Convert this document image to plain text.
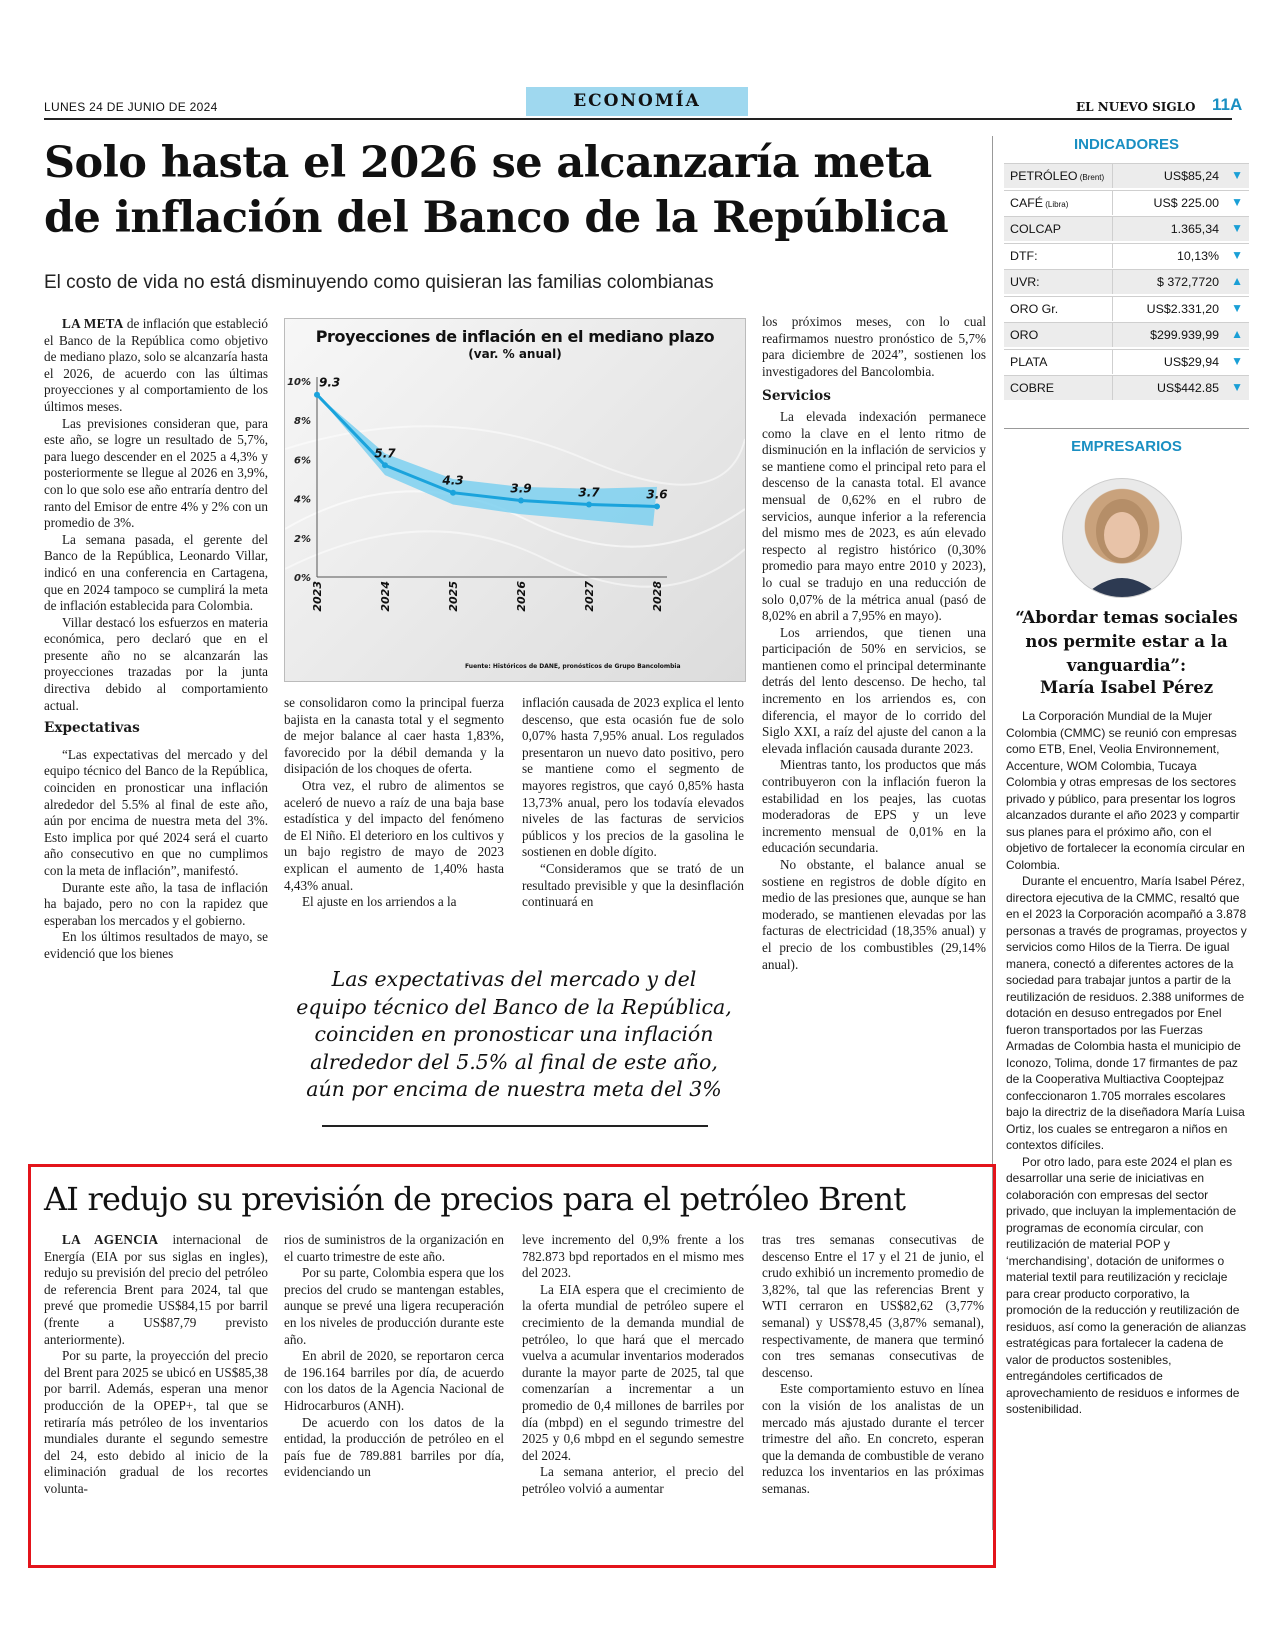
LUNES 24 DE JUNIO DE 2024	ECONOMÍA	EL NUEVO SIGLO 11A
Solo hasta el 2026 se alcanzaría meta
de inflación del Banco de la República
El costo de vida no está disminuyendo como quisieran las familias colombianas

LA META de inflación que estableció el Banco de la República como objetivo de mediano plazo, solo se alcanzaría hasta el 2026, de acuerdo con las últimas proyecciones y al comportamiento de los últimos meses.

Las previsiones consideran que, para este año, se logre un resultado de 5,7%, para luego descender en el 2025 a 4,3% y posteriormente se llegue al 2026 en 3,9%, con lo que solo ese año entraría dentro del ranto del Emisor de entre 4% y 2% con un promedio de 3%.

La semana pasada, el gerente del Banco de la República, Leonardo Villar, indicó en una conferencia en Cartagena, que en 2024 tampoco se cumplirá la meta de inflación establecida para Colombia.

Villar destacó los esfuerzos en materia económica, pero declaró que en el presente año no se alcanzarán las proyecciones trazadas por la junta directiva debido al comportamiento actual.

Expectativas

“Las expectativas del mercado y del equipo técnico del Banco de la República, coinciden en pronosticar una inflación alrededor del 5.5% al final de este año, aún por encima de nuestra meta del 3%. Esto implica por qué 2024 será el cuarto año consecutivo en que no cumplimos con la meta de inflación”, manifestó.

Durante este año, la tasa de inflación ha bajado, pero no con la rapidez que esperaban los mercados y el gobierno.

En los últimos resultados de mayo, se evidenció que los bienes

0%
2%
4%
6%
8%
10% 9.3
5.7
4.3
3.9	3.7	3.6
2023	2024	2025	2026	2027	2028
Proyecciones de inflación en el mediano plazo
(var. % anual)
Fuente: Históricos de DANE, pronósticos de Grupo Bancolombia

se consolidaron como la principal fuerza bajista en la canasta total y el segmento de mejor balance al caer hasta 1,83%, favorecido por la débil demanda y la disipación de los choques de oferta.

Otra vez, el rubro de alimentos se aceleró de nuevo a raíz de una baja base estadística y del impacto del fenómeno de El Niño. El deterioro en los cultivos y un bajo registro de mayo de 2023 explican el aumento de 1,40% hasta 4,43% anual.

El ajuste en los arriendos a la

inflación causada de 2023 explica el lento descenso, que esta ocasión fue de solo 0,07% hasta 7,95% anual. Los regulados presentaron un nuevo dato positivo, pero se mantiene como el segmento de mayores registros, que cayó 0,85% hasta 13,73% anual, pero los todavía elevados niveles de las facturas de servicios públicos y los precios de la gasolina le sostienen en doble dígito.

“Consideramos que se trató de un resultado previsible y que la desinflación continuará en

Las expectativas del mercado y del equipo técnico del Banco de la República, coinciden en pronosticar una inflación alrededor del 5.5% al final de este año, aún por encima de nuestra meta del 3%

los próximos meses, con lo cual reafirmamos nuestro pronóstico de 5,7% para diciembre de 2024”, sostienen los investigadores del Bancolombia.

Servicios

La elevada indexación permanece como la clave en el lento ritmo de disminución en la inflación de servicios y se mantiene como el principal reto para el descenso de la canasta total. El avance mensual de 0,62% en el rubro de servicios, aunque inferior a la referencia del mismo mes de 2023, es aún elevado respecto al registro histórico (0,30% promedio para mayo entre 2010 y 2023), lo cual se tradujo en una reducción de solo 0,07% de la métrica anual (pasó de 8,02% en abril a 7,95% en mayo).

Los arriendos, que tienen una participación de 50% en servicios, se mantienen como el principal determinante detrás del lento descenso. De hecho, tal incremento en los arriendos es, con diferencia, el mayor de lo corrido del Siglo XXI, a raíz del ajuste del canon a la elevada inflación causada durante 2023.

Mientras tanto, los productos que más contribuyeron con la inflación fueron la estabilidad en los peajes, las cuotas moderadoras de EPS y un leve incremento mensual de 0,01% en la educación secundaria.

No obstante, el balance anual se sostiene en registros de doble dígito en medio de las presiones que, aunque se han moderado, se mantienen elevadas por las facturas de electricidad (18,35% anual) y el precio de los combustibles (29,14% anual).

INDICADORES
PETRÓLEO (Brent)	US$85,24 ▼
CAFÉ (Libra)	US$ 225.00 ▼
COLCAP	1.365,34 ▼
DTF:	10,13% ▼
UVR:	$ 372,7720 ▲
ORO Gr.	US$2.331,20 ▼
ORO	$299.939,99 ▲
PLATA	US$29,94 ▼
COBRE	US$442.85 ▼
EMPRESARIOS
“Abordar temas sociales nos permite estar a la vanguardia”:
María Isabel Pérez

La Corporación Mundial de la Mujer Colombia (CMMC) se reunió con empresas como ETB, Enel, Veolia Environnement, Accenture, WOM Colombia, Tucaya Colombia y otras empresas de los sectores privado y público, para presentar los logros alcanzados durante el año 2023 y compartir sus planes para el próximo año, con el objetivo de fortalecer la economía circular en Colombia.

Durante el encuentro, María Isabel Pérez, directora ejecutiva de la CMMC, resaltó que en el 2023 la Corporación acompañó a 3.878 personas a través de programas, proyectos y servicios como Hilos de la Tierra. De igual manera, conectó a diferentes actores de la sociedad para trabajar juntos a partir de la reutilización de residuos. 2.388 uniformes de dotación en desuso entregados por Enel fueron transportados por las Fuerzas Armadas de Colombia hasta el municipio de Iconozo, Tolima, donde 17 firmantes de paz de la Cooperativa Multiactiva Cooptejpaz confeccionaron 1.705 morrales escolares bajo la directriz de la diseñadora María Luisa Ortiz, los cuales se entregaron a niños en contextos difíciles.

Por otro lado, para este 2024 el plan es desarrollar una serie de iniciativas en colaboración con empresas del sector privado, que incluyan la implementación de programas de economía circular, con reutilización de material POP y ‘merchandising’, dotación de uniformes o material textil para reutilización y reciclaje para crear producto corporativo, la promoción de la reducción y reutilización de residuos, así como la generación de alianzas estratégicas para fortalecer la cadena de valor de productos sostenibles, entregándoles certificados de aprovechamiento de residuos e informes de sostenibilidad.

AI redujo su previsión de precios para el petróleo Brent

LA AGENCIA internacional de Energía (EIA por sus siglas en ingles), redujo su previsión del precio del petróleo de referencia Brent para 2024, tal que prevé que promedie US$84,15 por barril (frente a US$87,79 previsto anteriormente).

Por su parte, la proyección del precio del Brent para 2025 se ubicó en US$85,38 por barril. Además, esperan una menor producción de la OPEP+, tal que se retiraría más petróleo de los inventarios mundiales durante el segundo semestre del 24, esto debido al inicio de la eliminación gradual de los recortes volunta-

rios de suministros de la organización en el cuarto trimestre de este año.

Por su parte, Colombia espera que los precios del crudo se mantengan estables, aunque se prevé una ligera recuperación en los niveles de producción durante este año.

En abril de 2020, se reportaron cerca de 196.164 barriles por día, de acuerdo con los datos de la Agencia Nacional de Hidrocarburos (ANH).

De acuerdo con los datos de la entidad, la producción de petróleo en el país fue de 789.881 barriles por día, evidenciando un

leve incremento del 0,9% frente a los 782.873 bpd reportados en el mismo mes del 2023.

La EIA espera que el crecimiento de la oferta mundial de petróleo supere el crecimiento de la demanda mundial de petróleo, lo que hará que el mercado vuelva a acumular inventarios moderados durante la mayor parte de 2025, tal que comenzarían a incrementar a un promedio de 0,4 millones de barriles por día (mbpd) en el segundo trimestre del 2025 y 0,6 mbpd en el segundo semestre del 2024.

La semana anterior, el precio del petróleo volvió a aumentar

tras tres semanas consecutivas de descenso Entre el 17 y el 21 de junio, el crudo exhibió un incremento promedio de 3,82%, tal que las referencias Brent y WTI cerraron en US$82,62 (3,77% semanal) y US$78,45 (3,87% semanal), respectivamente, de manera que terminó con tres semanas consecutivas de descenso.

Este comportamiento estuvo en línea con la visión de los analistas de un mercado más ajustado durante el tercer trimestre del año. En concreto, esperan que la demanda de combustible de verano reduzca los inventarios en las próximas semanas.
